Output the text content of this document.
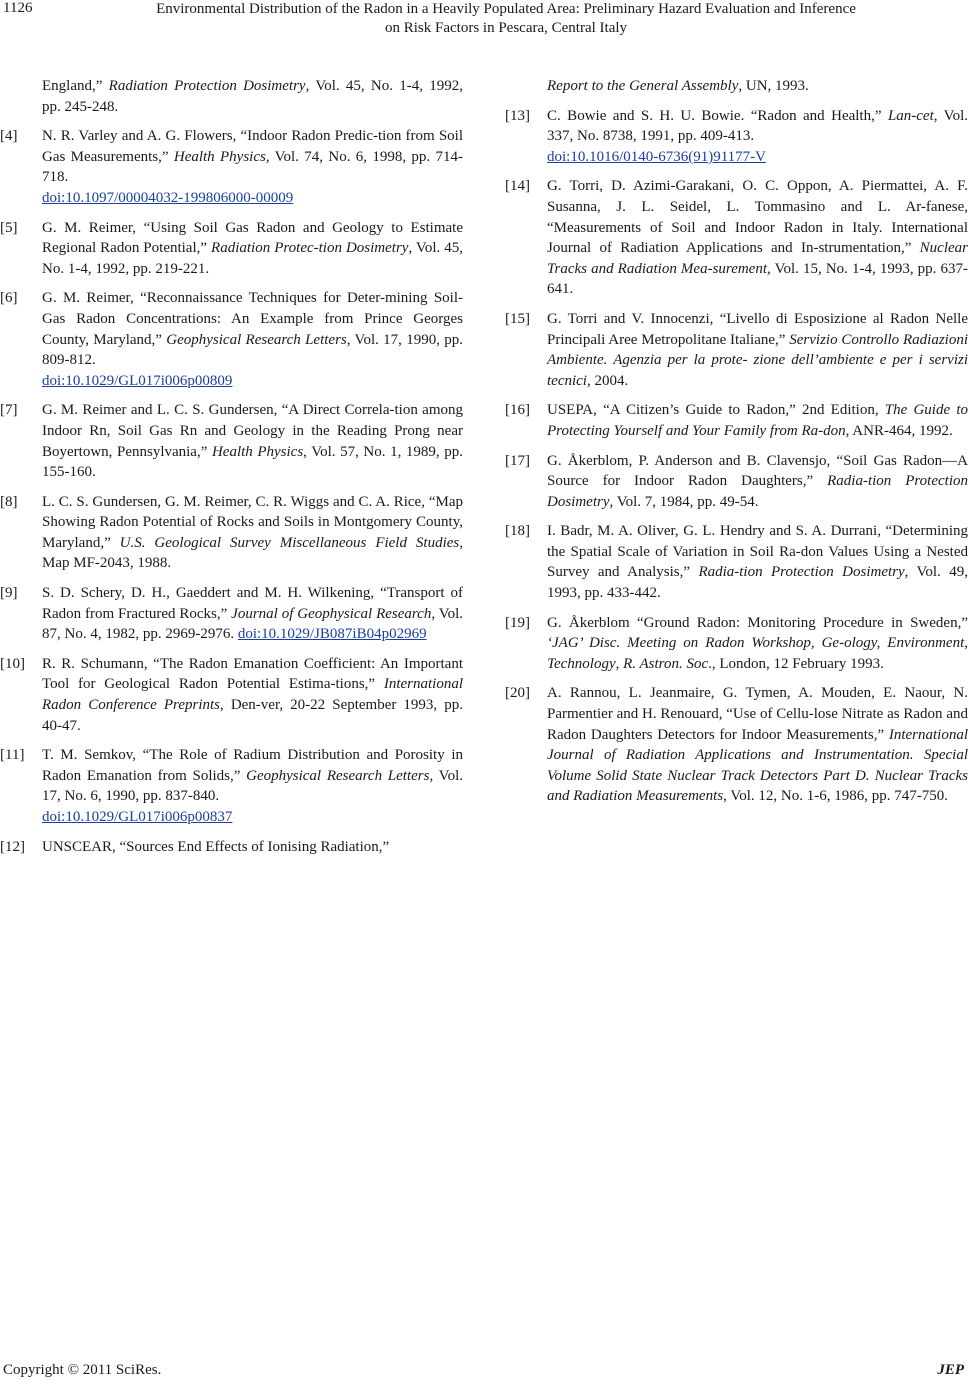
1126	Environmental Distribution of the Radon in a Heavily Populated Area: Preliminary Hazard Evaluation and Inference
on Risk Factors in Pescara, Central Italy
England,” Radiation Protection Dosimetry, Vol. 45, No. 1-4, 1992, pp. 245-248.
[4] N. R. Varley and A. G. Flowers, “Indoor Radon Predic-tion from Soil Gas Measurements,” Health Physics, Vol. 74, No. 6, 1998, pp. 714-718.
doi:10.1097/00004032-199806000-00009
[5] G. M. Reimer, “Using Soil Gas Radon and Geology to Estimate Regional Radon Potential,” Radiation Protec-tion Dosimetry, Vol. 45, No. 1-4, 1992, pp. 219-221.
[6] G. M. Reimer, “Reconnaissance Techniques for Deter-mining Soil-Gas Radon Concentrations: An Example from Prince Georges County, Maryland,” Geophysical Research Letters, Vol. 17, 1990, pp. 809-812.
doi:10.1029/GL017i006p00809
[7] G. M. Reimer and L. C. S. Gundersen, “A Direct Correla-tion among Indoor Rn, Soil Gas Rn and Geology in the Reading Prong near Boyertown, Pennsylvania,” Health Physics, Vol. 57, No. 1, 1989, pp. 155-160.
[8] L. C. S. Gundersen, G. M. Reimer, C. R. Wiggs and C. A. Rice, “Map Showing Radon Potential of Rocks and Soils in Montgomery County, Maryland,” U.S. Geological Survey Miscellaneous Field Studies, Map MF-2043, 1988.
[9] S. D. Schery, D. H., Gaeddert and M. H. Wilkening, “Transport of Radon from Fractured Rocks,” Journal of Geophysical Research, Vol. 87, No. 4, 1982, pp. 2969-2976. doi:10.1029/JB087iB04p02969
[10] R. R. Schumann, “The Radon Emanation Coefficient: An Important Tool for Geological Radon Potential Estima-tions,” International Radon Conference Preprints, Den-ver, 20-22 September 1993, pp. 40-47.
[11] T. M. Semkov, “The Role of Radium Distribution and Porosity in Radon Emanation from Solids,” Geophysical Research Letters, Vol. 17, No. 6, 1990, pp. 837-840.
doi:10.1029/GL017i006p00837
[12] UNSCEAR, “Sources End Effects of Ionising Radiation,”
Report to the General Assembly, UN, 1993.
[13] C. Bowie and S. H. U. Bowie. “Radon and Health,” Lan-cet, Vol. 337, No. 8738, 1991, pp. 409-413.
doi:10.1016/0140-6736(91)91177-V
[14] G. Torri, D. Azimi-Garakani, O. C. Oppon, A. Piermattei, A. F. Susanna, J. L. Seidel, L. Tommasino and L. Ar-fanese, “Measurements of Soil and Indoor Radon in Italy. International Journal of Radiation Applications and In-strumentation,” Nuclear Tracks and Radiation Mea-surement, Vol. 15, No. 1-4, 1993, pp. 637-641.
[15] G. Torri and V. Innocenzi, “Livello di Esposizione al Radon Nelle Principali Aree Metropolitane Italiane,” Servizio Controllo Radiazioni Ambiente. Agenzia per la prote- zione dell’ambiente e per i servizi tecnici, 2004.
[16] USEPA, “A Citizen’s Guide to Radon,” 2nd Edition, The Guide to Protecting Yourself and Your Family from Ra-don, ANR-464, 1992.
[17] G. Åkerblom, P. Anderson and B. Clavensjo, “Soil Gas Radon—A Source for Indoor Radon Daughters,” Radia-tion Protection Dosimetry, Vol. 7, 1984, pp. 49-54.
[18] I. Badr, M. A. Oliver, G. L. Hendry and S. A. Durrani, “Determining the Spatial Scale of Variation in Soil Ra-don Values Using a Nested Survey and Analysis,” Radia-tion Protection Dosimetry, Vol. 49, 1993, pp. 433-442.
[19] G. Åkerblom “Ground Radon: Monitoring Procedure in Sweden,” ‘JAG’ Disc. Meeting on Radon Workshop, Ge-ology, Environment, Technology, R. Astron. Soc., London, 12 February 1993.
[20] A. Rannou, L. Jeanmaire, G. Tymen, A. Mouden, E. Naour, N. Parmentier and H. Renouard, “Use of Cellu-lose Nitrate as Radon and Radon Daughters Detectors for Indoor Measurements,” International Journal of Radiation Applications and Instrumentation. Special Volume Solid State Nuclear Track Detectors Part D. Nuclear Tracks and Radiation Measurements, Vol. 12, No. 1-6, 1986, pp. 747-750.
Copyright © 2011 SciRes.	JEP
